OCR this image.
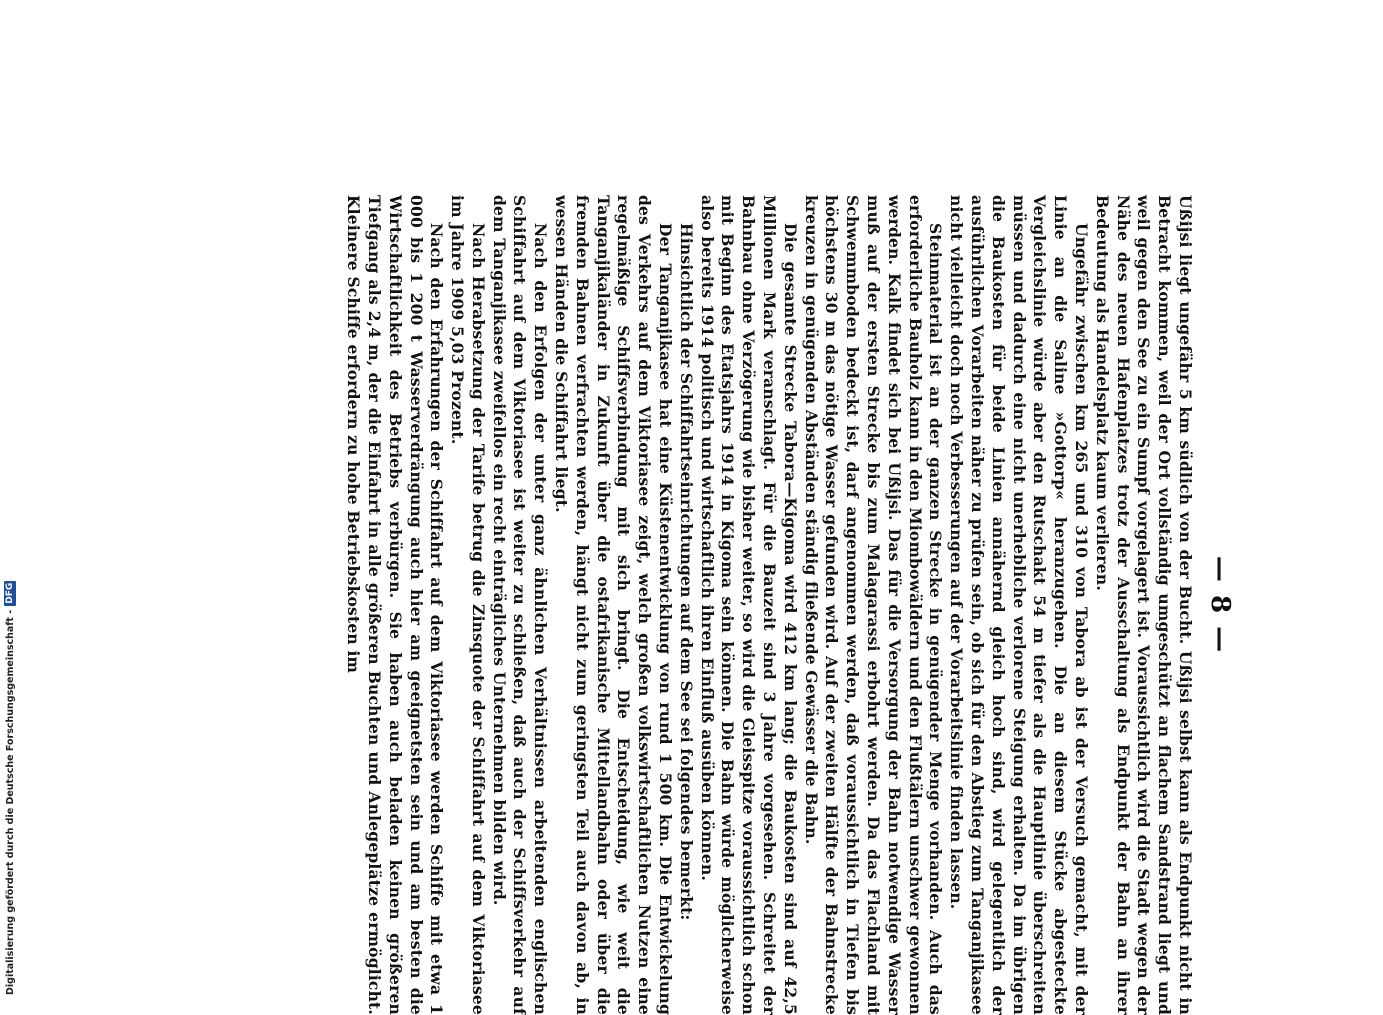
— 8 —

Ußijsi liegt ungefähr 5 km südlich von der Bucht. Ußijsi selbst kann als Endpunkt nicht in Betracht kommen, weil der Ort vollständig umgeschützt an flachem Sandstrand liegt und weil gegen den See zu ein Sumpf vorgelagert ist. Voraussichtlich wird die Stadt wegen der Nähe des neuen Hafenplatzes trotz der Ausschaltung als Endpunkt der Bahn an ihrer Bedeutung als Handelsplatz kaum verlieren.

Ungefähr zwischen km 265 und 310 von Tabora ab ist der Versuch gemacht, mit der Linie an die Saline »Gottorp« heranzugehen. Die an diesem Stücke abgesteckte Vergleichslinie würde aber den Rutschakt 54 m tiefer als die Hauptlinie überschreiten müssen und dadurch eine nicht unerhebliche verlorene Steigung erhalten. Da im übrigen die Baukosten für beide Linien annähernd gleich hoch sind, wird gelegentlich der ausführlichen Vorarbeiten näher zu prüfen sein, ob sich für den Abstieg zum Tanganjikasee nicht vielleicht doch noch Verbesserungen auf der Vorarbeitslinie finden lassen.

Steinmaterial ist an der ganzen Strecke in genügender Menge vorhanden. Auch das erforderliche Bauholz kann in den Miombowäldern und den Flußtälern unschwer gewonnen werden. Kalk findet sich bei Ußijsi. Das für die Versorgung der Bahn notwendige Wasser muß auf der ersten Strecke bis zum Malagarassi erbohrt werden. Da das Flachland mit Schwemmboden bedeckt ist, darf angenommen werden, daß voraussichtlich in Tiefen bis höchstens 30 m das nötige Wasser gefunden wird. Auf der zweiten Hälfte der Bahnstrecke kreuzen in genügenden Abständen ständig fließende Gewässer die Bahn.

Die gesamte Strecke Tabora—Kigoma wird 412 km lang; die Baukosten sind auf 42,5 Millionen Mark veranschlagt. Für die Bauzeit sind 3 Jahre vorgesehen. Schreitet der Bahnbau ohne Verzögerung wie bisher weiter, so wird die Gleisspitze voraussichtlich schon mit Beginn des Etatsjahrs 1914 in Kigoma sein können. Die Bahn würde möglicherweise also bereits 1914 politisch und wirtschaftlich ihren Einfluß ausüben können.

Hinsichtlich der Schiffahrtseinrichtungen auf dem See sei folgendes bemerkt:

Der Tanganjikasee hat eine Küstenentwicklung von rund 1 500 km. Die Entwickelung des Verkehrs auf dem Viktoriasee zeigt, welch großen volkswirtschaftlichen Nutzen eine regelmäßige Schiffsverbindung mit sich bringt. Die Entscheidung, wie weit die Tanganjikaländer in Zukunft über die ostafrikanische Mittellandbahn oder über die fremden Bahnen verfrachten werden, hängt nicht zum geringsten Teil auch davon ab, in wessen Händen die Schiffahrt liegt.

Nach den Erfolgen der unter ganz ähnlichen Verhältnissen arbeitenden englischen Schiffahrt auf dem Viktoriasee ist weiter zu schließen, daß auch der Schiffsverkehr auf dem Tanganjikasee zweifellos ein recht einträgliches Unternehmen bilden wird.

Nach Herabsetzung der Tarife betrug die Zinsquote der Schiffahrt auf dem Viktoriasee im Jahre 1909 5,03 Prozent.

Nach den Erfahrungen der Schiffahrt auf dem Viktoriasee werden Schiffe mit etwa 1 000 bis 1 200 t Wasserverdrängung auch hier am geeignetsten sein und am besten die Wirtschaftlichkeit des Betriebs verbürgen. Sie haben auch beladen keinen größeren Tiefgang als 2,4 m, der die Einfahrt in alle größeren Buchten und Anlegeplätze ermöglicht. Kleinere Schiffe erfordern zu hohe Betriebskosten im

Digitalisierung gefördert durch die Deutsche Forschungsgemeinschaft -
DFG
